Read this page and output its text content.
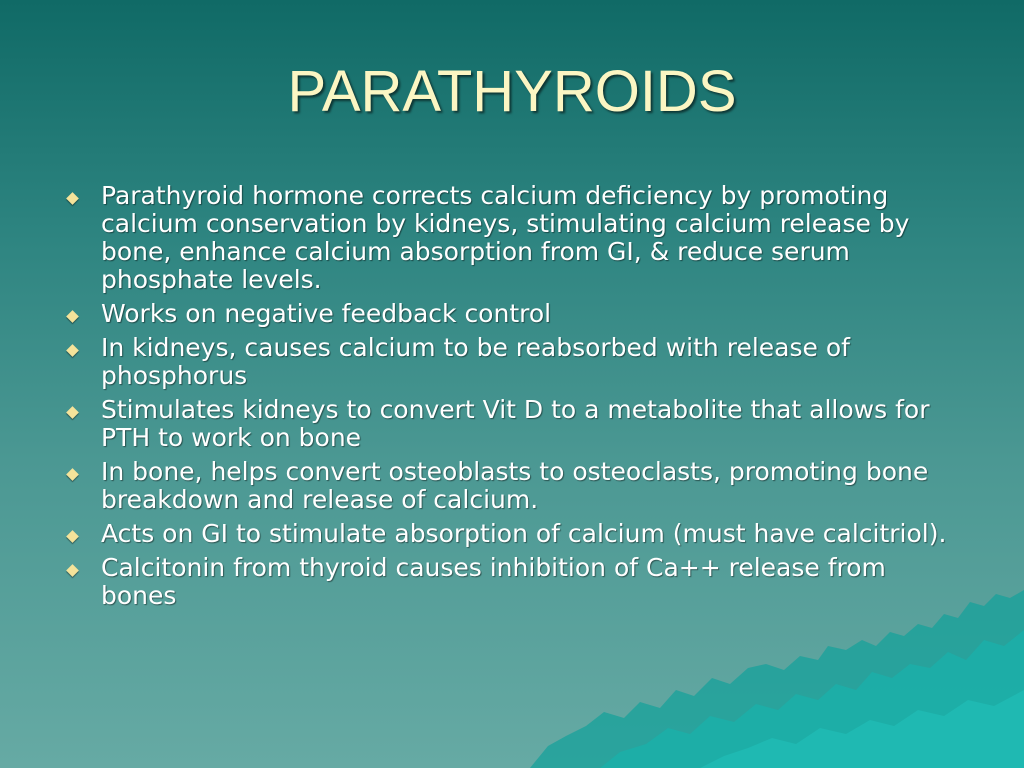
PARATHYROIDS
Parathyroid hormone corrects calcium deficiency by promoting calcium conservation by kidneys, stimulating calcium release by bone, enhance calcium absorption from GI, & reduce serum phosphate levels.
Works on negative feedback control
In kidneys, causes calcium to be reabsorbed with release of phosphorus
Stimulates kidneys to convert Vit D to a metabolite that allows for PTH to work on bone
In bone, helps convert osteoblasts to osteoclasts, promoting bone breakdown and release of calcium.
Acts on GI to stimulate absorption of calcium (must have calcitriol).
Calcitonin from thyroid causes inhibition of Ca++ release from bones
